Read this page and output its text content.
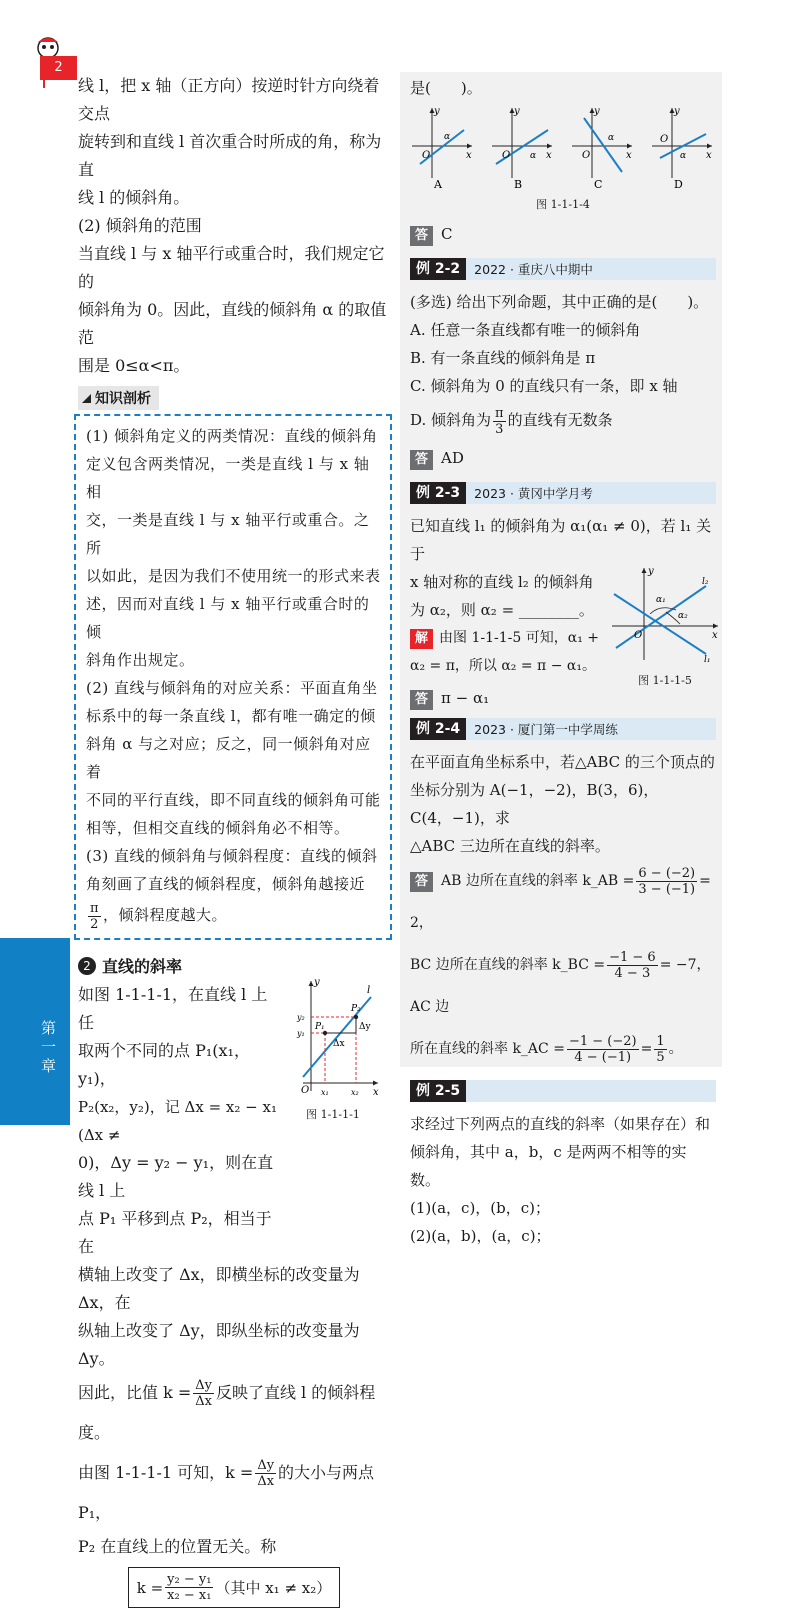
2
第一章

线 l，把 x 轴（正方向）按逆时针方向绕着交点

旋转到和直线 l 首次重合时所成的角，称为直

线 l 的倾斜角。

(2) 倾斜角的范围

当直线 l 与 x 轴平行或重合时，我们规定它的

倾斜角为 0。因此，直线的倾斜角 α 的取值范

围是 0≤α<π。

知识剖析

(1) 倾斜角定义的两类情况：直线的倾斜角

定义包含两类情况，一类是直线 l 与 x 轴相

交，一类是直线 l 与 x 轴平行或重合。之所

以如此，是因为我们不使用统一的形式来表

述，因而对直线 l 与 x 轴平行或重合时的倾

斜角作出规定。

(2) 直线与倾斜角的对应关系：平面直角坐

标系中的每一条直线 l，都有唯一确定的倾

斜角 α 与之对应；反之，同一倾斜角对应着

不同的平行直线，即不同直线的倾斜角可能

相等，但相交直线的倾斜角必不相等。

(3) 直线的倾斜角与倾斜程度：直线的倾斜

角刻画了直线的倾斜程度，倾斜角越接近

$\frac{\pi}{2}$ ，倾斜程度越大。

2 直线的斜率

如图 1-1-1-1，在直线 l 上任

取两个不同的点 P₁(x₁，y₁)，

P₂(x₂，y₂)，记 Δx = x₂ − x₁ (Δx ≠

0)，Δy = y₂ − y₁，则在直线 l 上

点 P₁ 平移到点 P₂，相当于在

横轴上改变了 Δx，即横坐标的改变量为 Δx，在

纵轴上改变了 Δy，即纵坐标的改变量为 Δy。

O
y
x
l
P₁
P₂
y₂
y₁
x₁	x₂
Δx
Δy
图 1-1-1-1

因此，比值 $k = \frac{\Delta y}{\Delta x}$ 反映了直线 l 的倾斜程度。

由图 1-1-1-1 可知，$k = \frac{\Delta y}{\Delta x}$ 的大小与两点 P₁，

P₂ 在直线上的位置无关。称

$k = \frac{\text{y₂ − y₁}}{\text{x₂ − x₁}}$ （其中 x₁ ≠ x₂）

是(　　)。

O
y
x
α
A
O
y
x
α
B
O
y
x
α
C
O
y
x
α
D
图 1-1-1-4

答 C

例 2-2	2022 · 重庆八中期中

(多选) 给出下列命题，其中正确的是(　　)。

A. 任意一条直线都有唯一的倾斜角

B. 有一条直线的倾斜角是 π

C. 倾斜角为 0 的直线只有一条，即 x 轴

D. 倾斜角为 $\frac{\pi}{3}$ 的直线有无数条

答 AD

例 2-3	2023 · 黄冈中学月考

已知直线 l₁ 的倾斜角为 α₁(α₁ ≠ 0)，若 l₁ 关于

x 轴对称的直线 l₂ 的倾斜角

为 α₂，则 α₂ = ________。

解 由图 1-1-1-5 可知，α₁ +

α₂ = π，所以 α₂ = π − α₁。

答 π − α₁

O
y
x
α₁
α₂
l₂
l₁
图 1-1-1-5
例 2-4	2023 · 厦门第一中学周练

在平面直角坐标系中，若△ABC 的三个顶点的

坐标分别为 A(−1，−2)，B(3，6)，C(4，−1)，求

△ABC 三边所在直线的斜率。

答 AB 边所在直线的斜率 k_AB = $\frac{6 - (-2)}{3 - (-1)} = 2$，

BC 边所在直线的斜率 k_BC = $\frac{-1 - 6}{4 - 3} = -7$，AC 边

所在直线的斜率 k_AC = $\frac{-1 - (-2)}{4 - (-1)} = \frac{1}{5}$ 。

例 2-5

求经过下列两点的直线的斜率（如果存在）和

倾斜角，其中 a，b，c 是两两不相等的实数。

(1)(a，c)，(b，c)；

(2)(a，b)，(a，c)；
